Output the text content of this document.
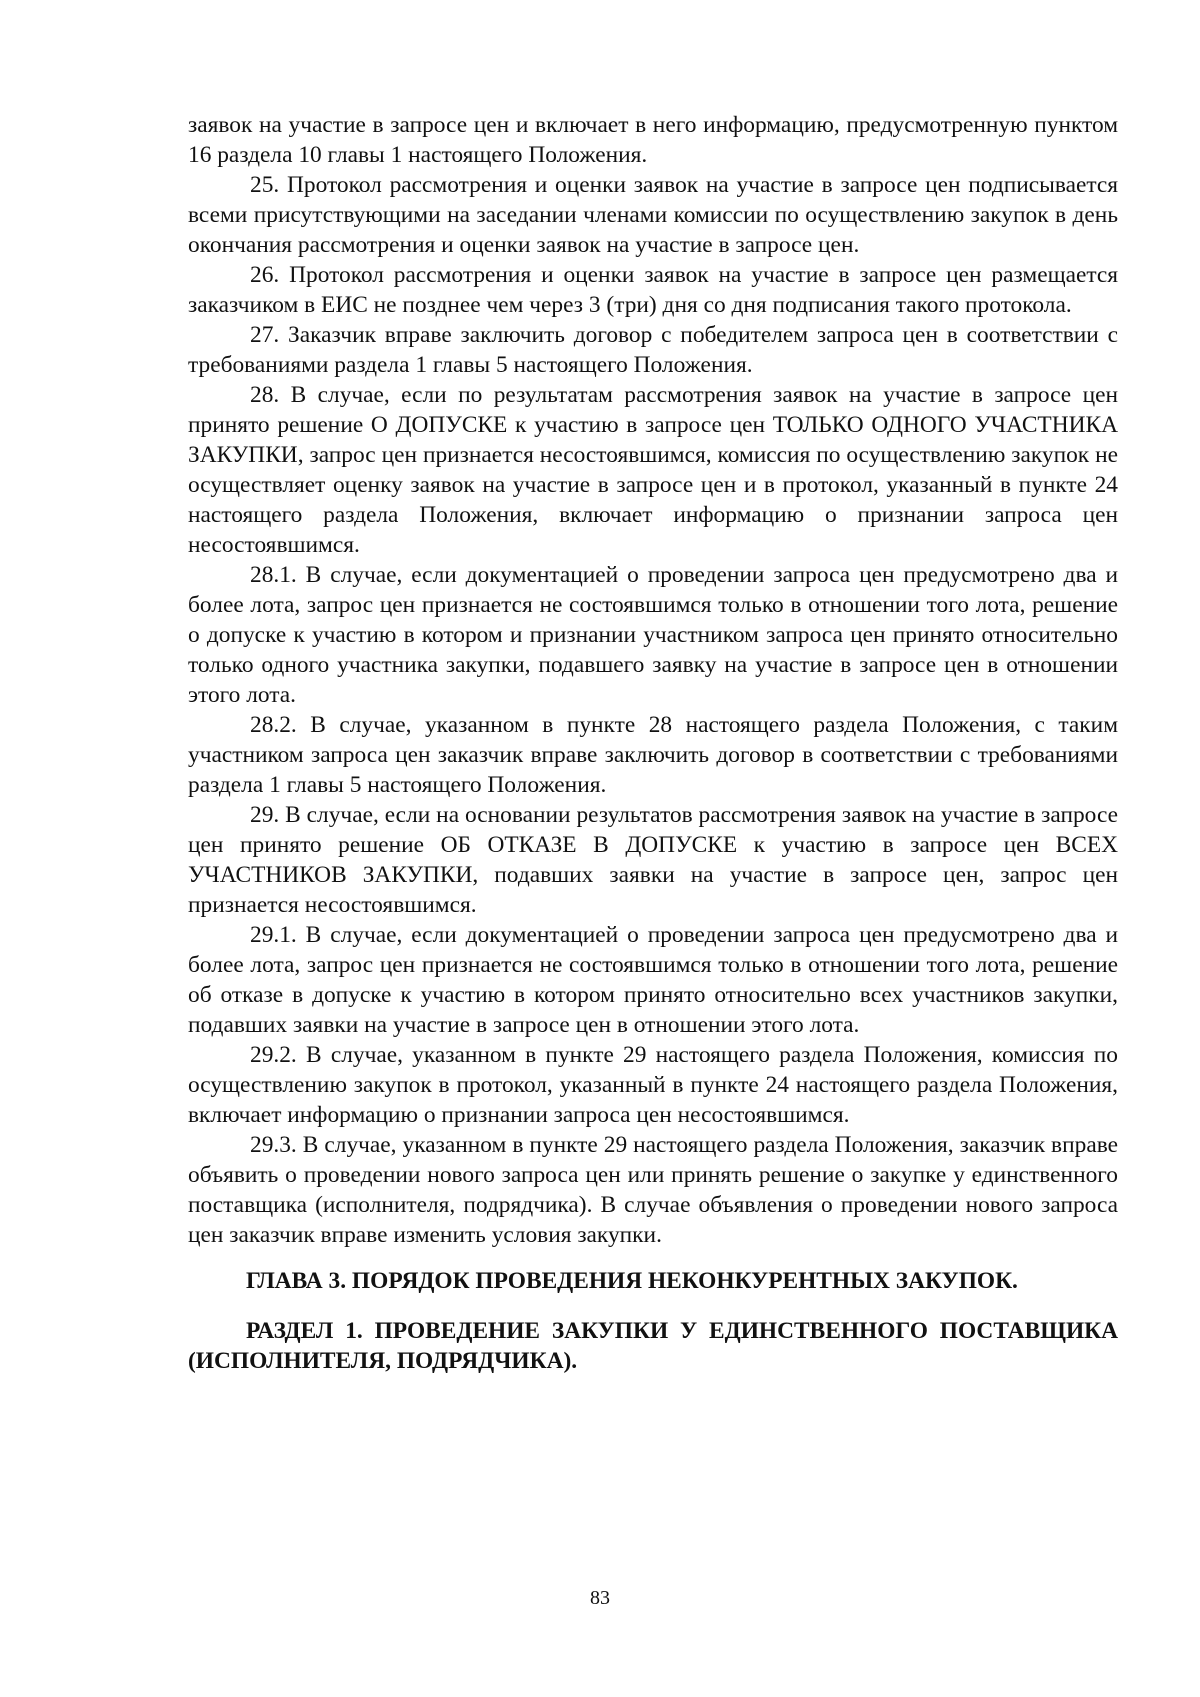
заявок на участие в запросе цен и включает в него информацию, предусмотренную пунктом 16 раздела 10 главы 1 настоящего Положения.

25. Протокол рассмотрения и оценки заявок на участие в запросе цен подписывается всеми присутствующими на заседании членами комиссии по осуществлению закупок в день окончания рассмотрения и оценки заявок на участие в запросе цен.

26. Протокол рассмотрения и оценки заявок на участие в запросе цен размещается заказчиком в ЕИС не позднее чем через 3 (три) дня со дня подписания такого протокола.

27. Заказчик вправе заключить договор с победителем запроса цен в соответствии с требованиями раздела 1 главы 5 настоящего Положения.

28. В случае, если по результатам рассмотрения заявок на участие в запросе цен принято решение О ДОПУСКЕ к участию в запросе цен ТОЛЬКО ОДНОГО УЧАСТНИКА ЗАКУПКИ, запрос цен признается несостоявшимся, комиссия по осуществлению закупок не осуществляет оценку заявок на участие в запросе цен и в протокол, указанный в пункте 24 настоящего раздела Положения, включает информацию о признании запроса цен несостоявшимся.

28.1. В случае, если документацией о проведении запроса цен предусмотрено два и более лота, запрос цен признается не состоявшимся только в отношении того лота, решение о допуске к участию в котором и признании участником запроса цен принято относительно только одного участника закупки, подавшего заявку на участие в запросе цен в отношении этого лота.

28.2. В случае, указанном в пункте 28 настоящего раздела Положения, с таким участником запроса цен заказчик вправе заключить договор в соответствии с требованиями раздела 1 главы 5 настоящего Положения.

29. В случае, если на основании результатов рассмотрения заявок на участие в запросе цен принято решение ОБ ОТКАЗЕ В ДОПУСКЕ к участию в запросе цен ВСЕХ УЧАСТНИКОВ ЗАКУПКИ, подавших заявки на участие в запросе цен, запрос цен признается несостоявшимся.

29.1. В случае, если документацией о проведении запроса цен предусмотрено два и более лота, запрос цен признается не состоявшимся только в отношении того лота, решение об отказе в допуске к участию в котором принято относительно всех участников закупки, подавших заявки на участие в запросе цен в отношении этого лота.

29.2. В случае, указанном в пункте 29 настоящего раздела Положения, комиссия по осуществлению закупок в протокол, указанный в пункте 24 настоящего раздела Положения, включает информацию о признании запроса цен несостоявшимся.

29.3. В случае, указанном в пункте 29 настоящего раздела Положения, заказчик вправе объявить о проведении нового запроса цен или принять решение о закупке у единственного поставщика (исполнителя, подрядчика). В случае объявления о проведении нового запроса цен заказчик вправе изменить условия закупки.

ГЛАВА 3. ПОРЯДОК ПРОВЕДЕНИЯ НЕКОНКУРЕНТНЫХ ЗАКУПОК.
РАЗДЕЛ 1. ПРОВЕДЕНИЕ ЗАКУПКИ У ЕДИНСТВЕННОГО ПОСТАВЩИКА (ИСПОЛНИТЕЛЯ, ПОДРЯДЧИКА).
83
